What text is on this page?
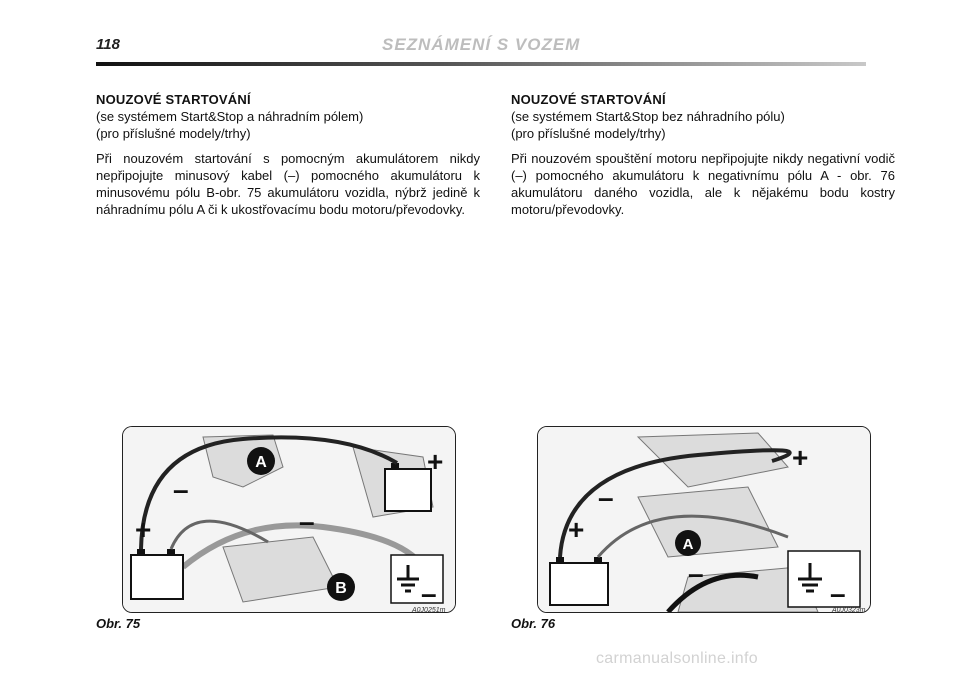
118	SEZNÁMENÍ S VOZEM
NOUZOVÉ STARTOVÁNÍ

(se systémem Start&Stop a náhradním pólem)

(pro příslušné modely/trhy)

Při nouzovém startování s pomocným akumulátorem nikdy nepřipojujte minusový kabel (–) pomocného akumulátoru k minusovému pólu B-obr. 75 akumulátoru vozidla, nýbrž jedině k náhradnímu pólu A či k ukostřovacímu bodu motoru/převodovky.

NOUZOVÉ STARTOVÁNÍ

(se systémem Start&Stop bez náhradního pólu)

(pro příslušné modely/trhy)

Při nouzovém spouštění motoru nepřipojujte nikdy negativní vodič (–) pomocného akumulátoru k negativnímu pólu A - obr. 76 akumulátoru daného vozidla, ale k nějakému bodu kostry motoru/převodovky.

A
B
+
–
+
–
–
A
+
–
+
–
–
Obr. 75
A0J0251m
Obr. 76
A0J0323m
carmanualsonline.info
